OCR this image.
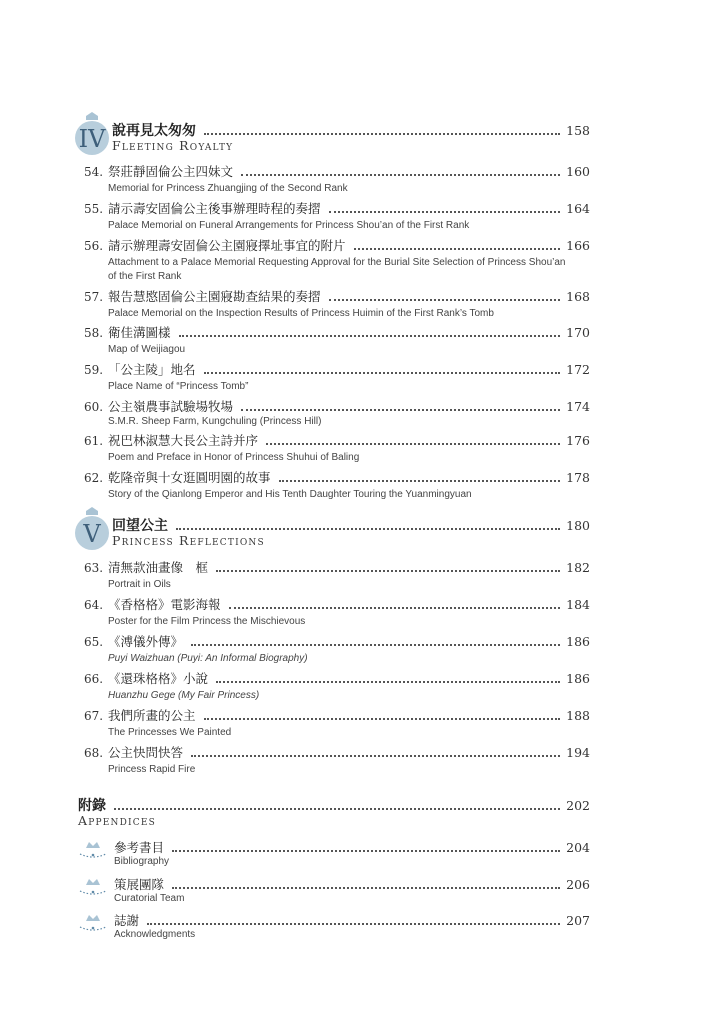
IV 說再見太匆匆	158
Fleeting Royalty
54. 祭莊靜固倫公主四妹文	160
Memorial for Princess Zhuangjing of the Second Rank
55. 請示壽安固倫公主後事辦理時程的奏摺	164
Palace Memorial on Funeral Arrangements for Princess Shou’an of the First Rank
56. 請示辦理壽安固倫公主園寢擇址事宜的附片	166
Attachment to a Palace Memorial Requesting Approval for the Burial Site Selection of Princess Shou’an of the First Rank
57. 報告慧愍固倫公主園寢勘查結果的奏摺	168
Palace Memorial on the Inspection Results of Princess Huimin of the First Rank’s Tomb
58. 衛佳溝圖樣	170
Map of Weijiagou
59. 「公主陵」地名	172
Place Name of “Princess Tomb”
60. 公主嶺農事試驗場牧場	174
S.M.R. Sheep Farm, Kungchuling (Princess Hill)
61. 祝巴林淑慧大長公主詩并序	176
Poem and Preface in Honor of Princess Shuhui of Baling
62. 乾隆帝與十女逛圓明園的故事	178
Story of the Qianlong Emperor and His Tenth Daughter Touring the Yuanmingyuan
V 回望公主	180
Princess Reflections
63. 清無款油畫像　框	182
Portrait in Oils
64. 《香格格》電影海報	184
Poster for the Film Princess the Mischievous
65. 《溥儀外傳》	186
Puyi Waizhuan (Puyi: An Informal Biography)
66. 《還珠格格》小說	186
Huanzhu Gege (My Fair Princess)
67. 我們所畫的公主	188
The Princesses We Painted
68. 公主快問快答	194
Princess Rapid Fire
附錄	202
Appendices
參考書目	204
Bibliography
策展團隊	206
Curatorial Team
誌謝	207
Acknowledgments
